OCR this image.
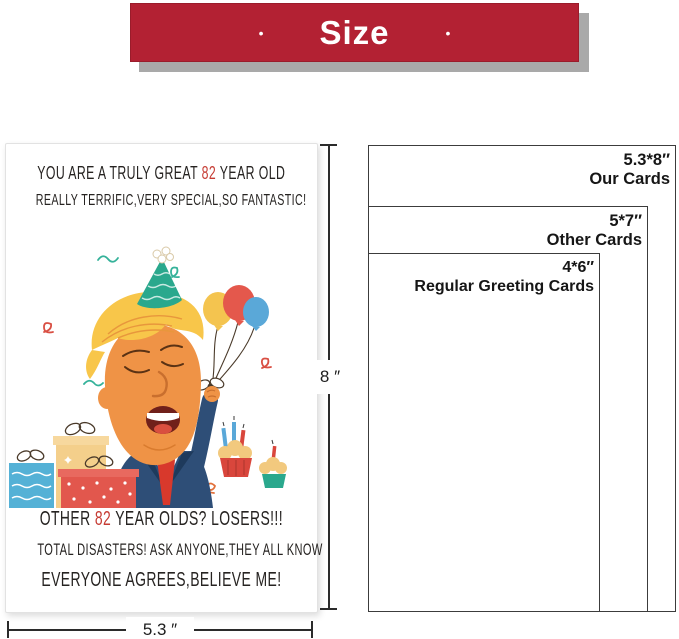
• Size	•
YOU ARE A TRULY GREAT 82 YEAR OLD
REALLY TERRIFIC,VERY SPECIAL,SO FANTASTIC!
OTHER 82 YEAR OLDS? LOSERS!!!
TOTAL DISASTERS! ASK ANYONE,THEY ALL KNOW
EVERYONE AGREES,BELIEVE ME!
8 ″
5.3 ″
5.3*8″
Our Cards
5*7″
Other Cards
4*6″
Regular Greeting Cards
